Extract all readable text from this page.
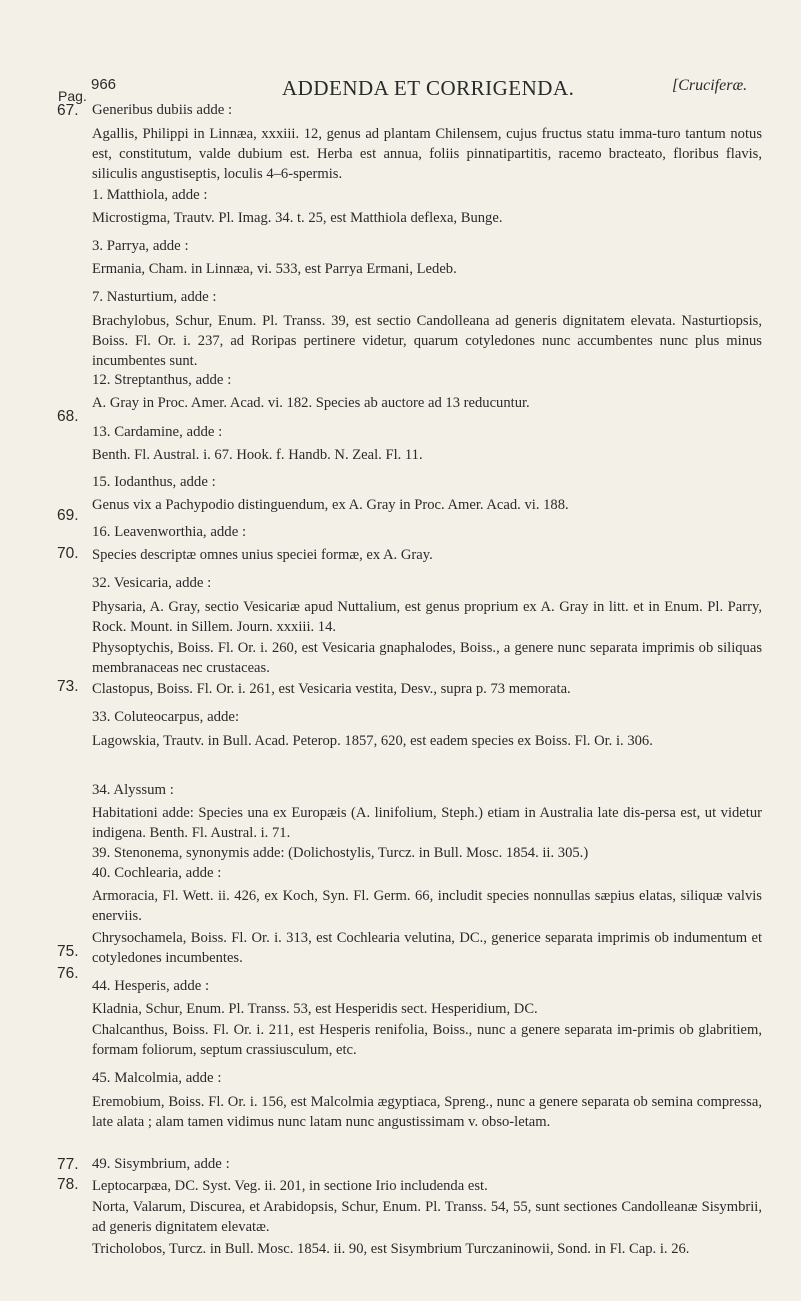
966	ADDENDA ET CORRIGENDA.	[Cruciferæ.
Pag.
67.
68.
69.
70.
73.
75.
76.
77.
78.
Generibus dubiis adde :
Agallis, Philippi in Linnæa, xxxiii. 12, genus ad plantam Chilensem, cujus fructus statu imma-turo tantum notus est, constitutum, valde dubium est. Herba est annua, foliis pinnatipartitis, racemo bracteato, floribus flavis, siliculis angustiseptis, loculis 4–6-spermis.
1. Matthiola, adde :
Microstigma, Trautv. Pl. Imag. 34. t. 25, est Matthiola deflexa, Bunge.
3. Parrya, adde :
Ermania, Cham. in Linnæa, vi. 533, est Parrya Ermani, Ledeb.
7. Nasturtium, adde :
Brachylobus, Schur, Enum. Pl. Transs. 39, est sectio Candolleana ad generis dignitatem elevata. Nasturtiopsis, Boiss. Fl. Or. i. 237, ad Roripas pertinere videtur, quarum cotyledones nunc accumbentes nunc plus minus incumbentes sunt.
12. Streptanthus, adde :
A. Gray in Proc. Amer. Acad. vi. 182. Species ab auctore ad 13 reducuntur.
13. Cardamine, adde :
Benth. Fl. Austral. i. 67. Hook. f. Handb. N. Zeal. Fl. 11.
15. Iodanthus, adde :
Genus vix a Pachypodio distinguendum, ex A. Gray in Proc. Amer. Acad. vi. 188.
16. Leavenworthia, adde :
Species descriptæ omnes unius speciei formæ, ex A. Gray.
32. Vesicaria, adde :
Physaria, A. Gray, sectio Vesicariæ apud Nuttalium, est genus proprium ex A. Gray in litt. et in Enum. Pl. Parry, Rock. Mount. in Sillem. Journ. xxxiii. 14.
Physoptychis, Boiss. Fl. Or. i. 260, est Vesicaria gnaphalodes, Boiss., a genere nunc separata imprimis ob siliquas membranaceas nec crustaceas.
Clastopus, Boiss. Fl. Or. i. 261, est Vesicaria vestita, Desv., supra p. 73 memorata.
33. Coluteocarpus, adde:
Lagowskia, Trautv. in Bull. Acad. Peterop. 1857, 620, est eadem species ex Boiss. Fl. Or. i. 306.
34. Alyssum :
Habitationi adde: Species una ex Europæis (A. linifolium, Steph.) etiam in Australia late dis-persa est, ut videtur indigena. Benth. Fl. Austral. i. 71.
39. Stenonema, synonymis adde: (Dolichostylis, Turcz. in Bull. Mosc. 1854. ii. 305.)
40. Cochlearia, adde :
Armoracia, Fl. Wett. ii. 426, ex Koch, Syn. Fl. Germ. 66, includit species nonnullas sæpius elatas, siliquæ valvis enerviis.
Chrysochamela, Boiss. Fl. Or. i. 313, est Cochlearia velutina, DC., generice separata imprimis ob indumentum et cotyledones incumbentes.
44. Hesperis, adde :
Kladnia, Schur, Enum. Pl. Transs. 53, est Hesperidis sect. Hesperidium, DC.
Chalcanthus, Boiss. Fl. Or. i. 211, est Hesperis renifolia, Boiss., nunc a genere separata im-primis ob glabritiem, formam foliorum, septum crassiusculum, etc.
45. Malcolmia, adde :
Eremobium, Boiss. Fl. Or. i. 156, est Malcolmia ægyptiaca, Spreng., nunc a genere separata ob semina compressa, late alata ; alam tamen vidimus nunc latam nunc angustissimam v. obso-letam.
49. Sisymbrium, adde :
Leptocarpæa, DC. Syst. Veg. ii. 201, in sectione Irio includenda est.
Norta, Valarum, Discurea, et Arabidopsis, Schur, Enum. Pl. Transs. 54, 55, sunt sectiones Candolleanæ Sisymbrii, ad generis dignitatem elevatæ.
Tricholobos, Turcz. in Bull. Mosc. 1854. ii. 90, est Sisymbrium Turczaninowii, Sond. in Fl. Cap. i. 26.
